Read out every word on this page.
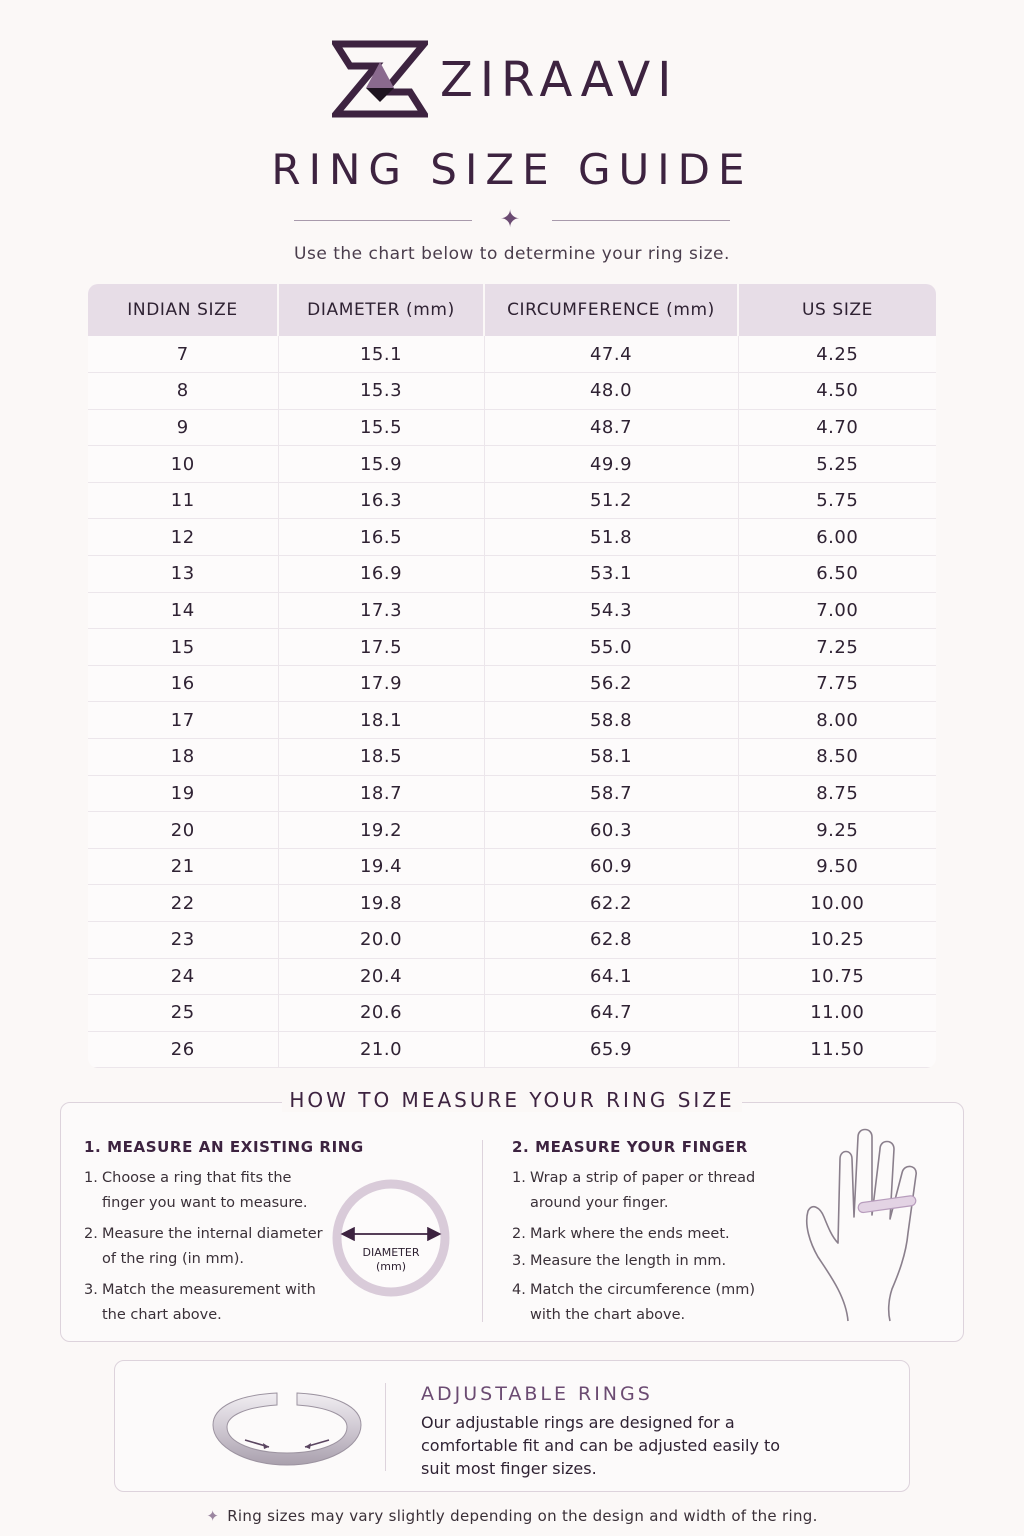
ZIRAAVI
RING SIZE GUIDE
✦

Use the chart below to determine your ring size.

INDIAN SIZE	DIAMETER (mm)	CIRCUMFERENCE (mm)	US SIZE
7	15.1	47.4	4.25
8	15.3	48.0	4.50
9	15.5	48.7	4.70
10	15.9	49.9	5.25
11	16.3	51.2	5.75
12	16.5	51.8	6.00
13	16.9	53.1	6.50
14	17.3	54.3	7.00
15	17.5	55.0	7.25
16	17.9	56.2	7.75
17	18.1	58.8	8.00
18	18.5	58.1	8.50
19	18.7	58.7	8.75
20	19.2	60.3	9.25
21	19.4	60.9	9.50
22	19.8	62.2	10.00
23	20.0	62.8	10.25
24	20.4	64.1	10.75
25	20.6	64.7	11.00
26	21.0	65.9	11.50
HOW TO MEASURE YOUR RING SIZE
1. MEASURE AN EXISTING RING
1. Choose a ring that fits the finger you want to measure.
2. Measure the internal diameter of the ring (in mm).
3. Match the measurement with the chart above.
DIAMETER
(mm)
2. MEASURE YOUR FINGER
1. Wrap a strip of paper or thread around your finger.
2. Mark where the ends meet.
3. Measure the length in mm.
4. Match the circumference (mm) with the chart above.
ADJUSTABLE RINGS
Our adjustable rings are designed for a comfortable fit and can be adjusted easily to suit most finger sizes.

✦ Ring sizes may vary slightly depending on the design and width of the ring.
